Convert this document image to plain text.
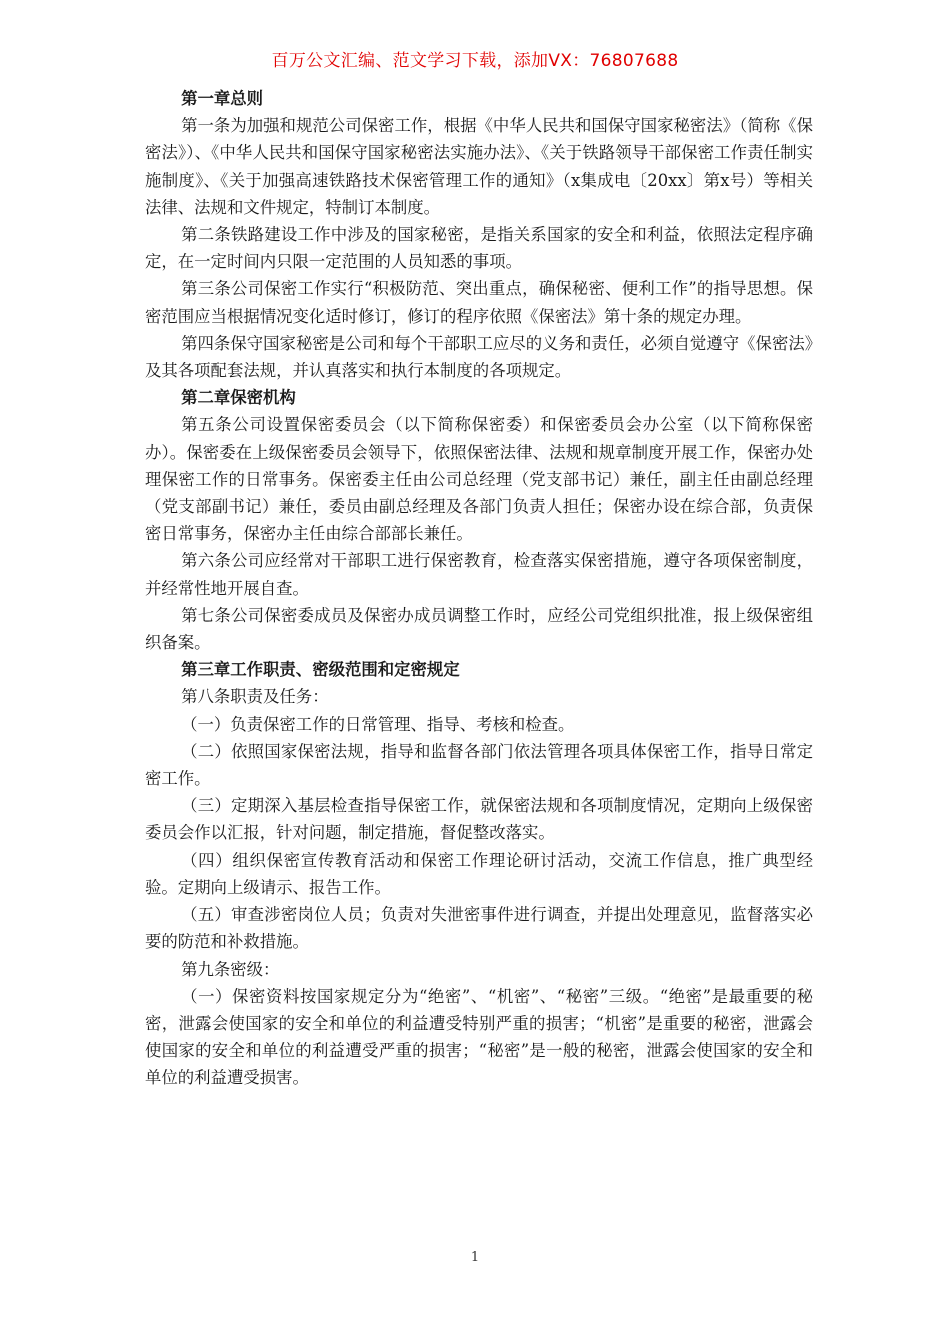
百万公文汇编、范文学习下载，添加VX：76807688

第一章总则

第一条为加强和规范公司保密工作，根据《中华人民共和国保守国家秘密法》（简称《保密法》）、《中华人民共和国保守国家秘密法实施办法》、《关于铁路领导干部保密工作责任制实施制度》、《关于加强高速铁路技术保密管理工作的通知》（x集成电〔20xx〕第x号）等相关法律、法规和文件规定，特制订本制度。

第二条铁路建设工作中涉及的国家秘密，是指关系国家的安全和利益，依照法定程序确定，在一定时间内只限一定范围的人员知悉的事项。

第三条公司保密工作实行“积极防范、突出重点，确保秘密、便利工作”的指导思想。保密范围应当根据情况变化适时修订，修订的程序依照《保密法》第十条的规定办理。

第四条保守国家秘密是公司和每个干部职工应尽的义务和责任，必须自觉遵守《保密法》及其各项配套法规，并认真落实和执行本制度的各项规定。

第二章保密机构

第五条公司设置保密委员会（以下简称保密委）和保密委员会办公室（以下简称保密办）。保密委在上级保密委员会领导下，依照保密法律、法规和规章制度开展工作，保密办处理保密工作的日常事务。保密委主任由公司总经理（党支部书记）兼任，副主任由副总经理（党支部副书记）兼任，委员由副总经理及各部门负责人担任；保密办设在综合部，负责保密日常事务，保密办主任由综合部部长兼任。

第六条公司应经常对干部职工进行保密教育，检查落实保密措施，遵守各项保密制度，并经常性地开展自查。

第七条公司保密委成员及保密办成员调整工作时，应经公司党组织批准，报上级保密组织备案。

第三章工作职责、密级范围和定密规定

第八条职责及任务：

（一）负责保密工作的日常管理、指导、考核和检查。

（二）依照国家保密法规，指导和监督各部门依法管理各项具体保密工作，指导日常定密工作。

（三）定期深入基层检查指导保密工作，就保密法规和各项制度情况，定期向上级保密委员会作以汇报，针对问题，制定措施，督促整改落实。

（四）组织保密宣传教育活动和保密工作理论研讨活动，交流工作信息，推广典型经验。定期向上级请示、报告工作。

（五）审查涉密岗位人员；负责对失泄密事件进行调查，并提出处理意见，监督落实必要的防范和补救措施。

第九条密级：

（一）保密资料按国家规定分为“绝密”、“机密”、“秘密”三级。“绝密”是最重要的秘密，泄露会使国家的安全和单位的利益遭受特别严重的损害；“机密”是重要的秘密，泄露会使国家的安全和单位的利益遭受严重的损害；“秘密”是一般的秘密，泄露会使国家的安全和单位的利益遭受损害。

1
